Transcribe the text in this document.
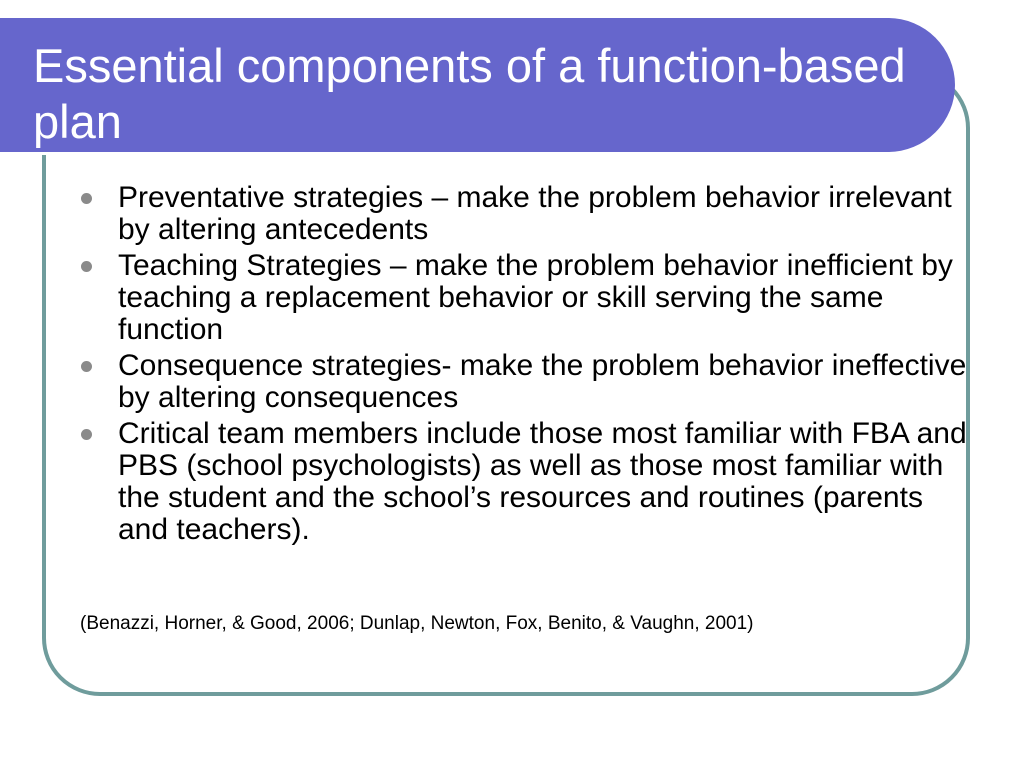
Essential components of a function-based plan
Preventative strategies – make the problem behavior irrelevant by altering antecedents
Teaching Strategies – make the problem behavior inefficient by teaching a replacement behavior or skill serving the same function
Consequence strategies- make the problem behavior ineffective by altering consequences
Critical team members include those most familiar with FBA and PBS (school psychologists) as well as those most familiar with the student and the school’s resources and routines (parents and teachers).

(Benazzi, Horner, & Good, 2006; Dunlap, Newton, Fox, Benito, & Vaughn, 2001)
